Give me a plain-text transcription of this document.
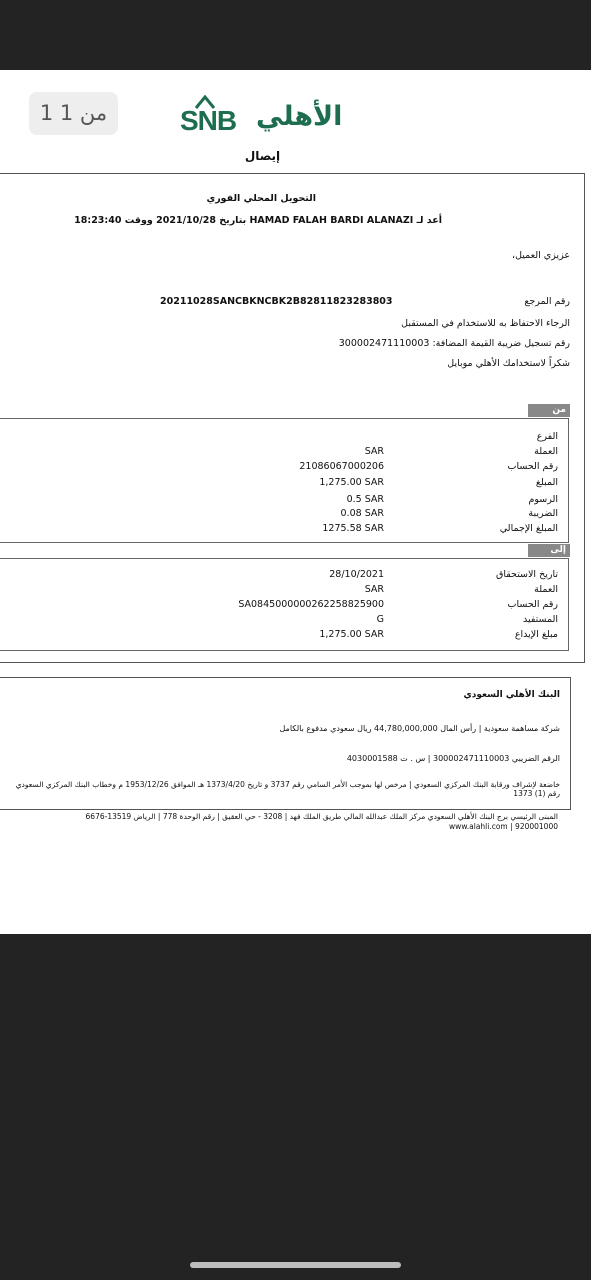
1 من 1	SNB الأهلي
إيصال
التحويل المحلي الفوري
أعد لـ HAMAD FALAH BARDI ALANAZI بتاريخ 2021/10/28 ووقت 18:23:40
عزيزي العميل،
رقم المرجع
20211028SANCBKNCBK2B82811823283803
الرجاء الاحتفاظ به للاستخدام في المستقبل
رقم تسجيل ضريبة القيمة المضافة: 300002471110003
شكراً لاستخدامك الأهلي موبايل
من
الفرع
العملة
SAR
رقم الحساب
21086067000206
المبلغ
1,275.00 SAR
الرسوم
0.5 SAR
الضريبة
0.08 SAR
المبلغ الإجمالي
1275.58 SAR
إلى
تاريخ الاستحقاق
28/10/2021
العملة
SAR
رقم الحساب
SA0845000000262258825900
المستفيد
G
مبلغ الإيداع
1,275.00 SAR
البنك الأهلي السعودي
شركة مساهمة سعودية | رأس المال 44,780,000,000 ريال سعودي مدفوع بالكامل
الرقم الضريبي 300002471110003 | س . ت 4030001588
خاضعة لإشراف ورقابة البنك المركزي السعودي | مرخص لها بموجب الأمر السامي رقم 3737 و تاريخ 1373/4/20 هـ الموافق 1953/12/26 م وخطاب البنك المركزي السعودي
رقم (1) 1373
المبنى الرئيسي برج البنك الأهلي السعودي مركز الملك عبدالله المالي طريق الملك فهد | 3208 - حي العقيق | رقم الوحدة 778 | الرياض 13519-6676
920001000 | www.alahli.com
